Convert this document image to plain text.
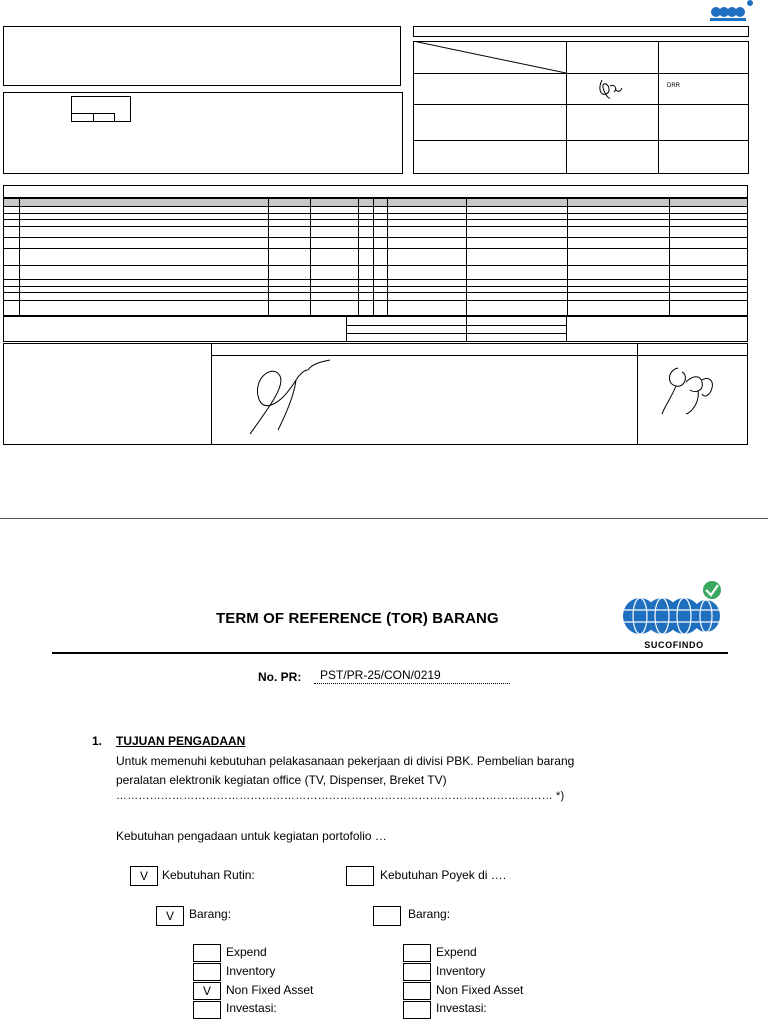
DRR
TERM OF REFERENCE (TOR) BARANG
SUCOFINDO
No. PR: PST/PR-25/CON/0219
1. TUJUAN PENGADAAN
Untuk memenuhi kebutuhan pelakasanaan pekerjaan di divisi PBK. Pembelian barang
peralatan elektronik kegiatan office (TV, Dispenser, Breket TV)
……………………………………………………………………………………………………… *)
Kebutuhan pengadaan untuk kegiatan portofolio …
V	Kebutuhan Rutin:
V	Barang:
Expend
Inventory
V	Non Fixed Asset
Investasi:
Kebutuhan Poyek di ….
Barang:
Expend
Inventory
Non Fixed Asset
Investasi:
